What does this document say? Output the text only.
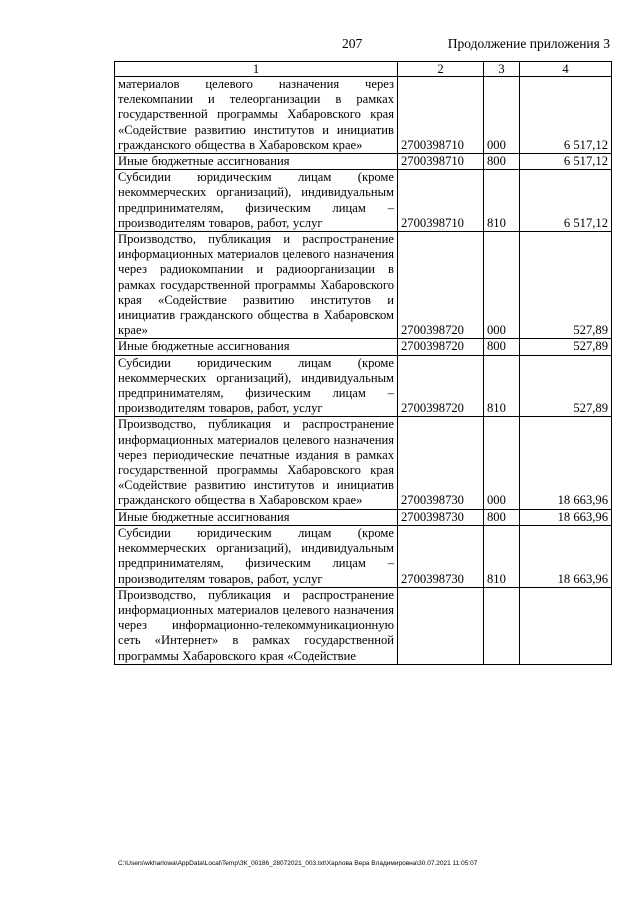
207	Продолжение приложения 3
1	2	3	4
материалов целевого назначения через телекомпании и телеорганизации в рамках государственной программы Хабаровского края «Содействие развитию институтов и инициатив гражданского общества в Хабаровском крае»	2700398710	000	6 517,12
Иные бюджетные ассигнования	2700398710	800	6 517,12
Субсидии юридическим лицам (кроме некоммерческих организаций), индивидуальным предпринимателям, физическим лицам – производителям товаров, работ, услуг	2700398710	810	6 517,12
Производство, публикация и распространение информационных материалов целевого назначения через радиокомпании и радиоорганизации в рамках государственной программы Хабаровского края «Содействие развитию институтов и инициатив гражданского общества в Хабаровском крае»	2700398720	000	527,89
Иные бюджетные ассигнования	2700398720	800	527,89
Субсидии юридическим лицам (кроме некоммерческих организаций), индивидуальным предпринимателям, физическим лицам – производителям товаров, работ, услуг	2700398720	810	527,89
Производство, публикация и распространение информационных материалов целевого назначения через периодические печатные издания в рамках государственной программы Хабаровского края «Содействие развитию институтов и инициатив гражданского общества в Хабаровском крае»	2700398730	000	18 663,96
Иные бюджетные ассигнования	2700398730	800	18 663,96
Субсидии юридическим лицам (кроме некоммерческих организаций), индивидуальным предпринимателям, физическим лицам – производителям товаров, работ, услуг	2700398730	810	18 663,96
Производство, публикация и распространение информационных материалов целевого назначения через информационно-телекоммуникационную сеть «Интернет» в рамках государственной программы Хабаровского края «Содействие			
C:\Users\wkharlowa\AppData\Local\Temp\ЗК_00186_28072021_003.txt\Харлова Вера Владимировна\30.07.2021 11:05:07
